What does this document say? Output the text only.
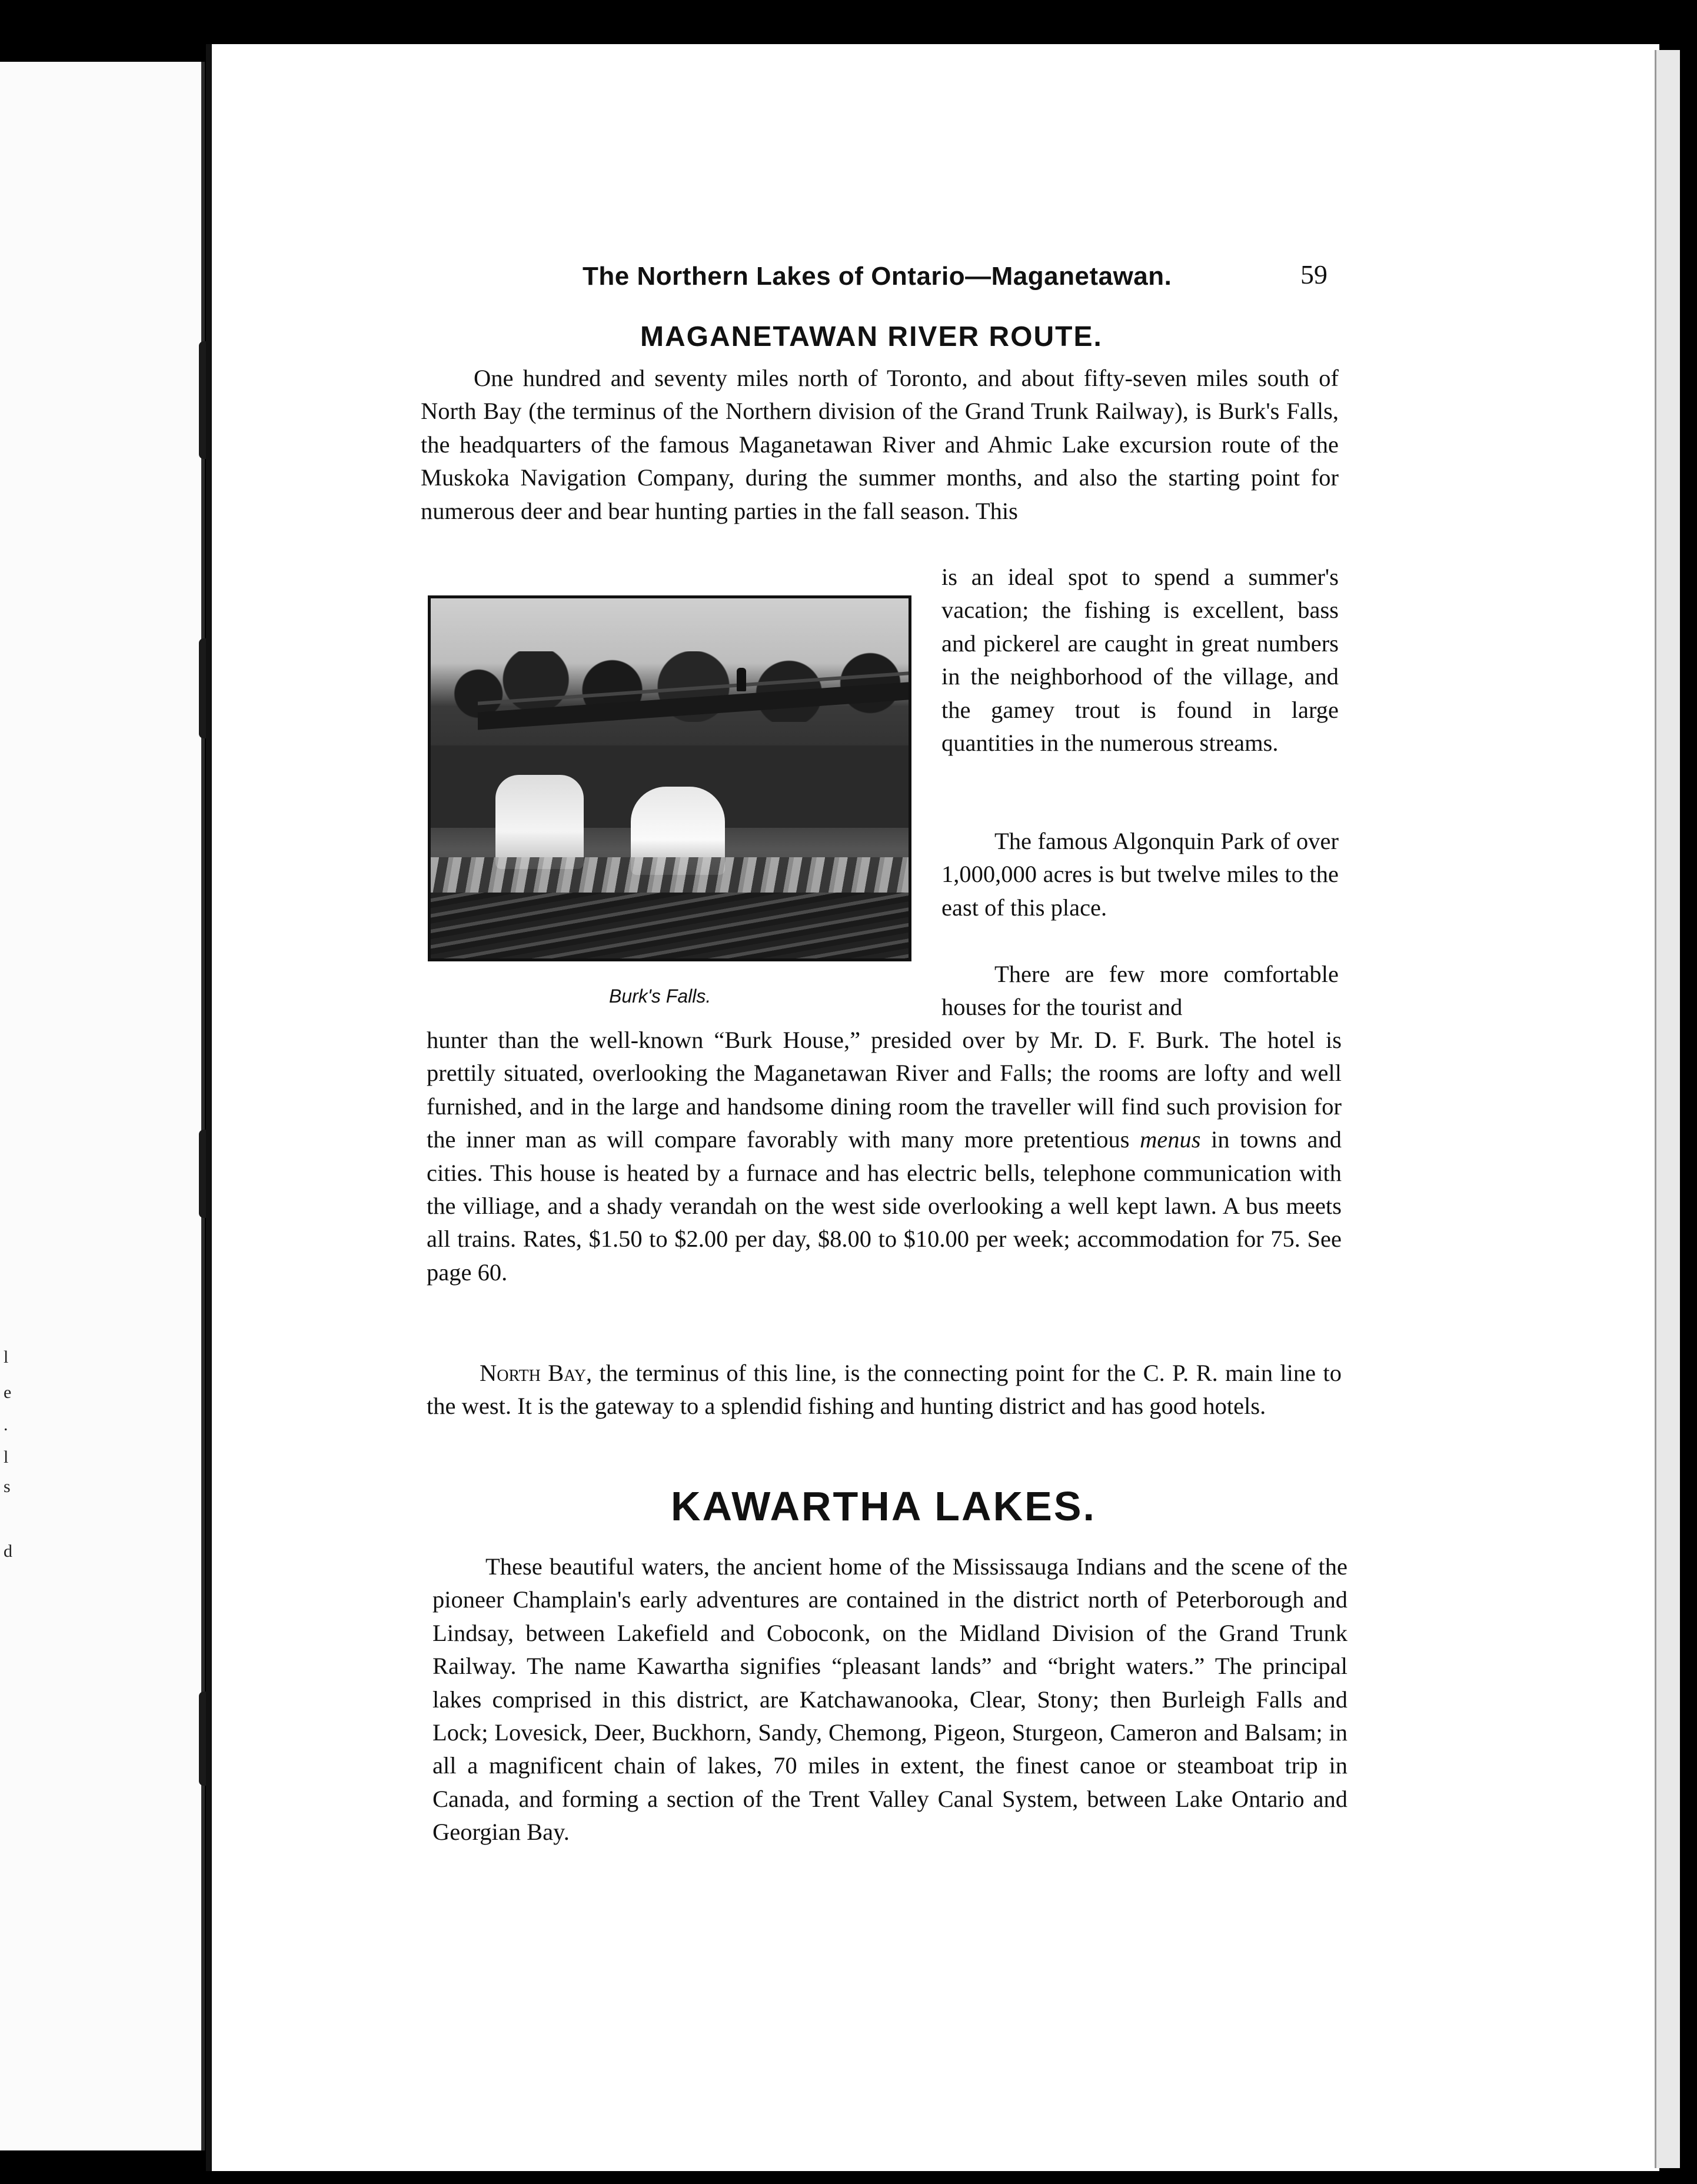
l
e
.
l
s
d
The Northern Lakes of Ontario—Maganetawan.	59
MAGANETAWAN RIVER ROUTE.

One hundred and seventy miles north of Toronto, and about fifty-seven miles south of North Bay (the terminus of the Northern division of the Grand Trunk Railway), is Burk's Falls, the headquarters of the famous Maganetawan River and Ahmic Lake excursion route of the Muskoka Navigation Company, during the summer months, and also the starting point for numerous deer and bear hunting parties in the fall season. This

Burk's Falls.
is an ideal spot to spend a summer's vacation; the fishing is excellent, bass and pickerel are caught in great numbers in the neighborhood of the village, and the gamey trout is found in large quantities in the numerous streams.
The famous Algonquin Park of over 1,000,000 acres is but twelve miles to the east of this place.
There are few more comfortable houses for the tourist and

hunter than the well-known “Burk House,” presided over by Mr. D. F. Burk. The hotel is prettily situated, overlooking the Maganetawan River and Falls; the rooms are lofty and well furnished, and in the large and handsome dining room the traveller will find such provision for the inner man as will compare favorably with many more pretentious menus in towns and cities. This house is heated by a furnace and has electric bells, telephone communication with the villiage, and a shady verandah on the west side overlooking a well kept lawn. A bus meets all trains. Rates, $1.50 to $2.00 per day, $8.00 to $10.00 per week; accommodation for 75. See page 60.

North Bay, the terminus of this line, is the connecting point for the C. P. R. main line to the west. It is the gateway to a splendid fishing and hunting district and has good hotels.

KAWARTHA LAKES.

These beautiful waters, the ancient home of the Mississauga Indians and the scene of the pioneer Champlain's early adventures are contained in the district north of Peterborough and Lindsay, between Lakefield and Coboconk, on the Midland Division of the Grand Trunk Railway. The name Kawartha signifies “pleasant lands” and “bright waters.” The principal lakes comprised in this district, are Katchawanooka, Clear, Stony; then Burleigh Falls and Lock; Lovesick, Deer, Buckhorn, Sandy, Chemong, Pigeon, Sturgeon, Cameron and Balsam; in all a magnificent chain of lakes, 70 miles in extent, the finest canoe or steamboat trip in Canada, and forming a section of the Trent Valley Canal System, between Lake Ontario and Georgian Bay.
